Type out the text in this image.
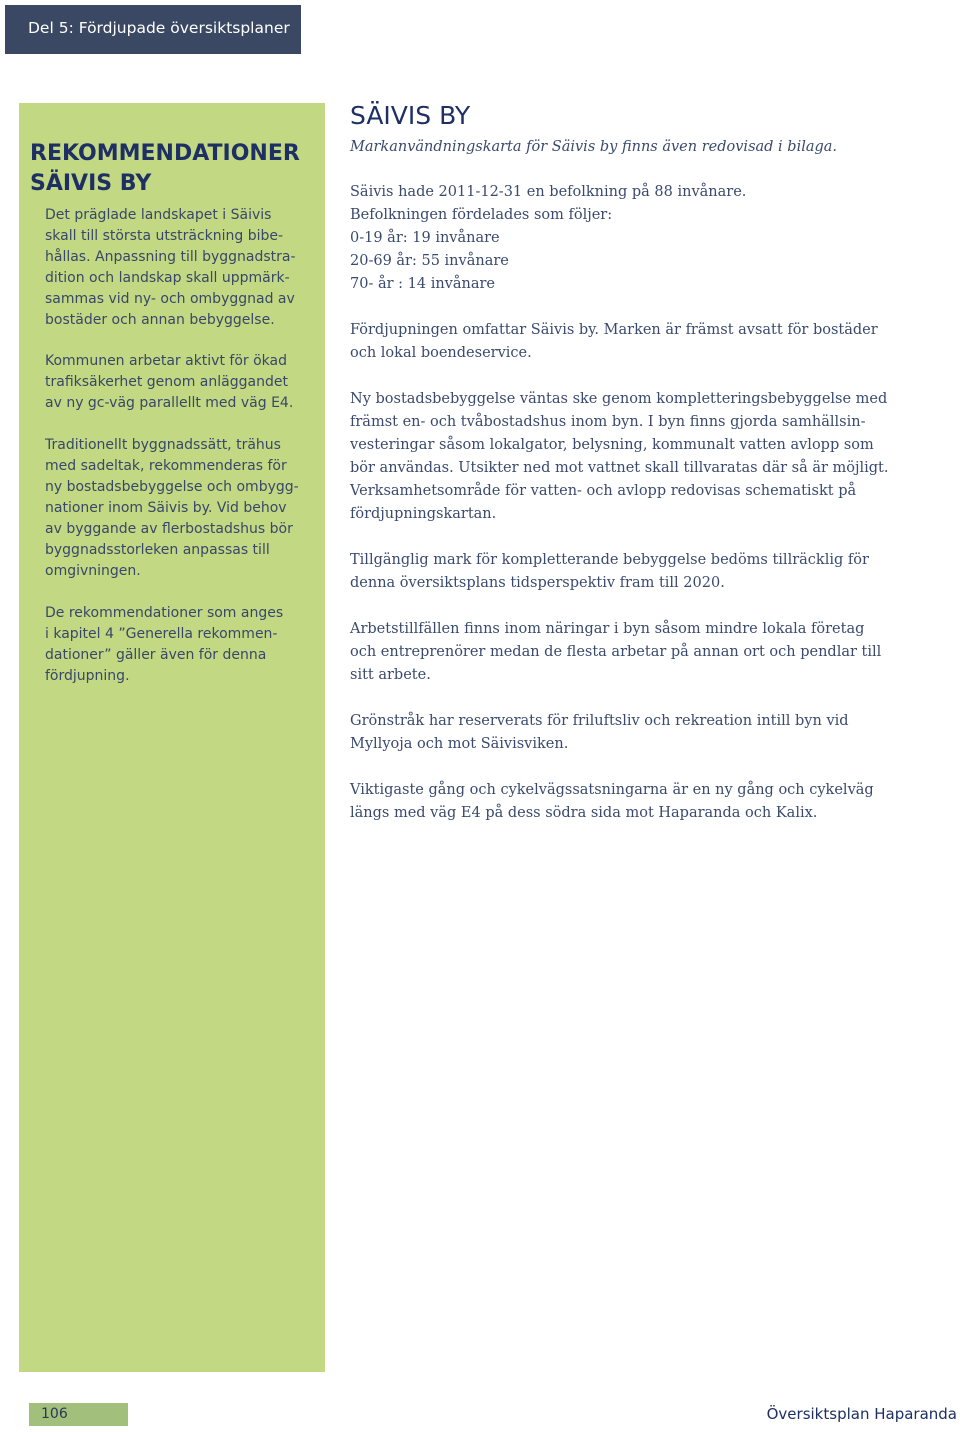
Del 5: Fördjupade översiktsplaner
REKOMMENDATIONER
SÄIVIS BY

Det präglade landskapet i Säivis
skall till största utsträckning bibe-
hållas. Anpassning till byggnadstra-
dition och landskap skall uppmärk-
sammas vid ny- och ombyggnad av
bostäder och annan bebyggelse.

Kommunen arbetar aktivt för ökad
trafiksäkerhet genom anläggandet
av ny gc-väg parallellt med väg E4.

Traditionellt byggnadssätt, trähus
med sadeltak, rekommenderas för
ny bostadsbebyggelse och ombygg-
nationer inom Säivis by. Vid behov
av byggande av flerbostadshus bör
byggnadsstorleken anpassas till
omgivningen.

De rekommendationer som anges
i kapitel 4 ”Generella rekommen-
dationer” gäller även för denna
fördjupning.

SÄIVIS BY

Markanvändningskarta för Säivis by finns även redovisad i bilaga.

Säivis hade 2011-12-31 en befolkning på 88 invånare.
Befolkningen fördelades som följer:
0-19 år: 19 invånare
20-69 år: 55 invånare
70- år : 14 invånare

Fördjupningen omfattar Säivis by. Marken är främst avsatt för bostäder
och lokal boendeservice.

Ny bostadsbebyggelse väntas ske genom kompletteringsbebyggelse med
främst en- och tvåbostadshus inom byn. I byn finns gjorda samhällsin-
vesteringar såsom lokalgator, belysning, kommunalt vatten avlopp som
bör användas. Utsikter ned mot vattnet skall tillvaratas där så är möjligt.
Verksamhetsområde för vatten- och avlopp redovisas schematiskt på
fördjupningskartan.

Tillgänglig mark för kompletterande bebyggelse bedöms tillräcklig för
denna översiktsplans tidsperspektiv fram till 2020.

Arbetstillfällen finns inom näringar i byn såsom mindre lokala företag
och entreprenörer medan de flesta arbetar på annan ort och pendlar till
sitt arbete.

Grönstråk har reserverats för friluftsliv och rekreation intill byn vid
Myllyoja och mot Säivisviken.

Viktigaste gång och cykelvägssatsningarna är en ny gång och cykelväg
längs med väg E4 på dess södra sida mot Haparanda och Kalix.

106	Översiktsplan Haparanda
